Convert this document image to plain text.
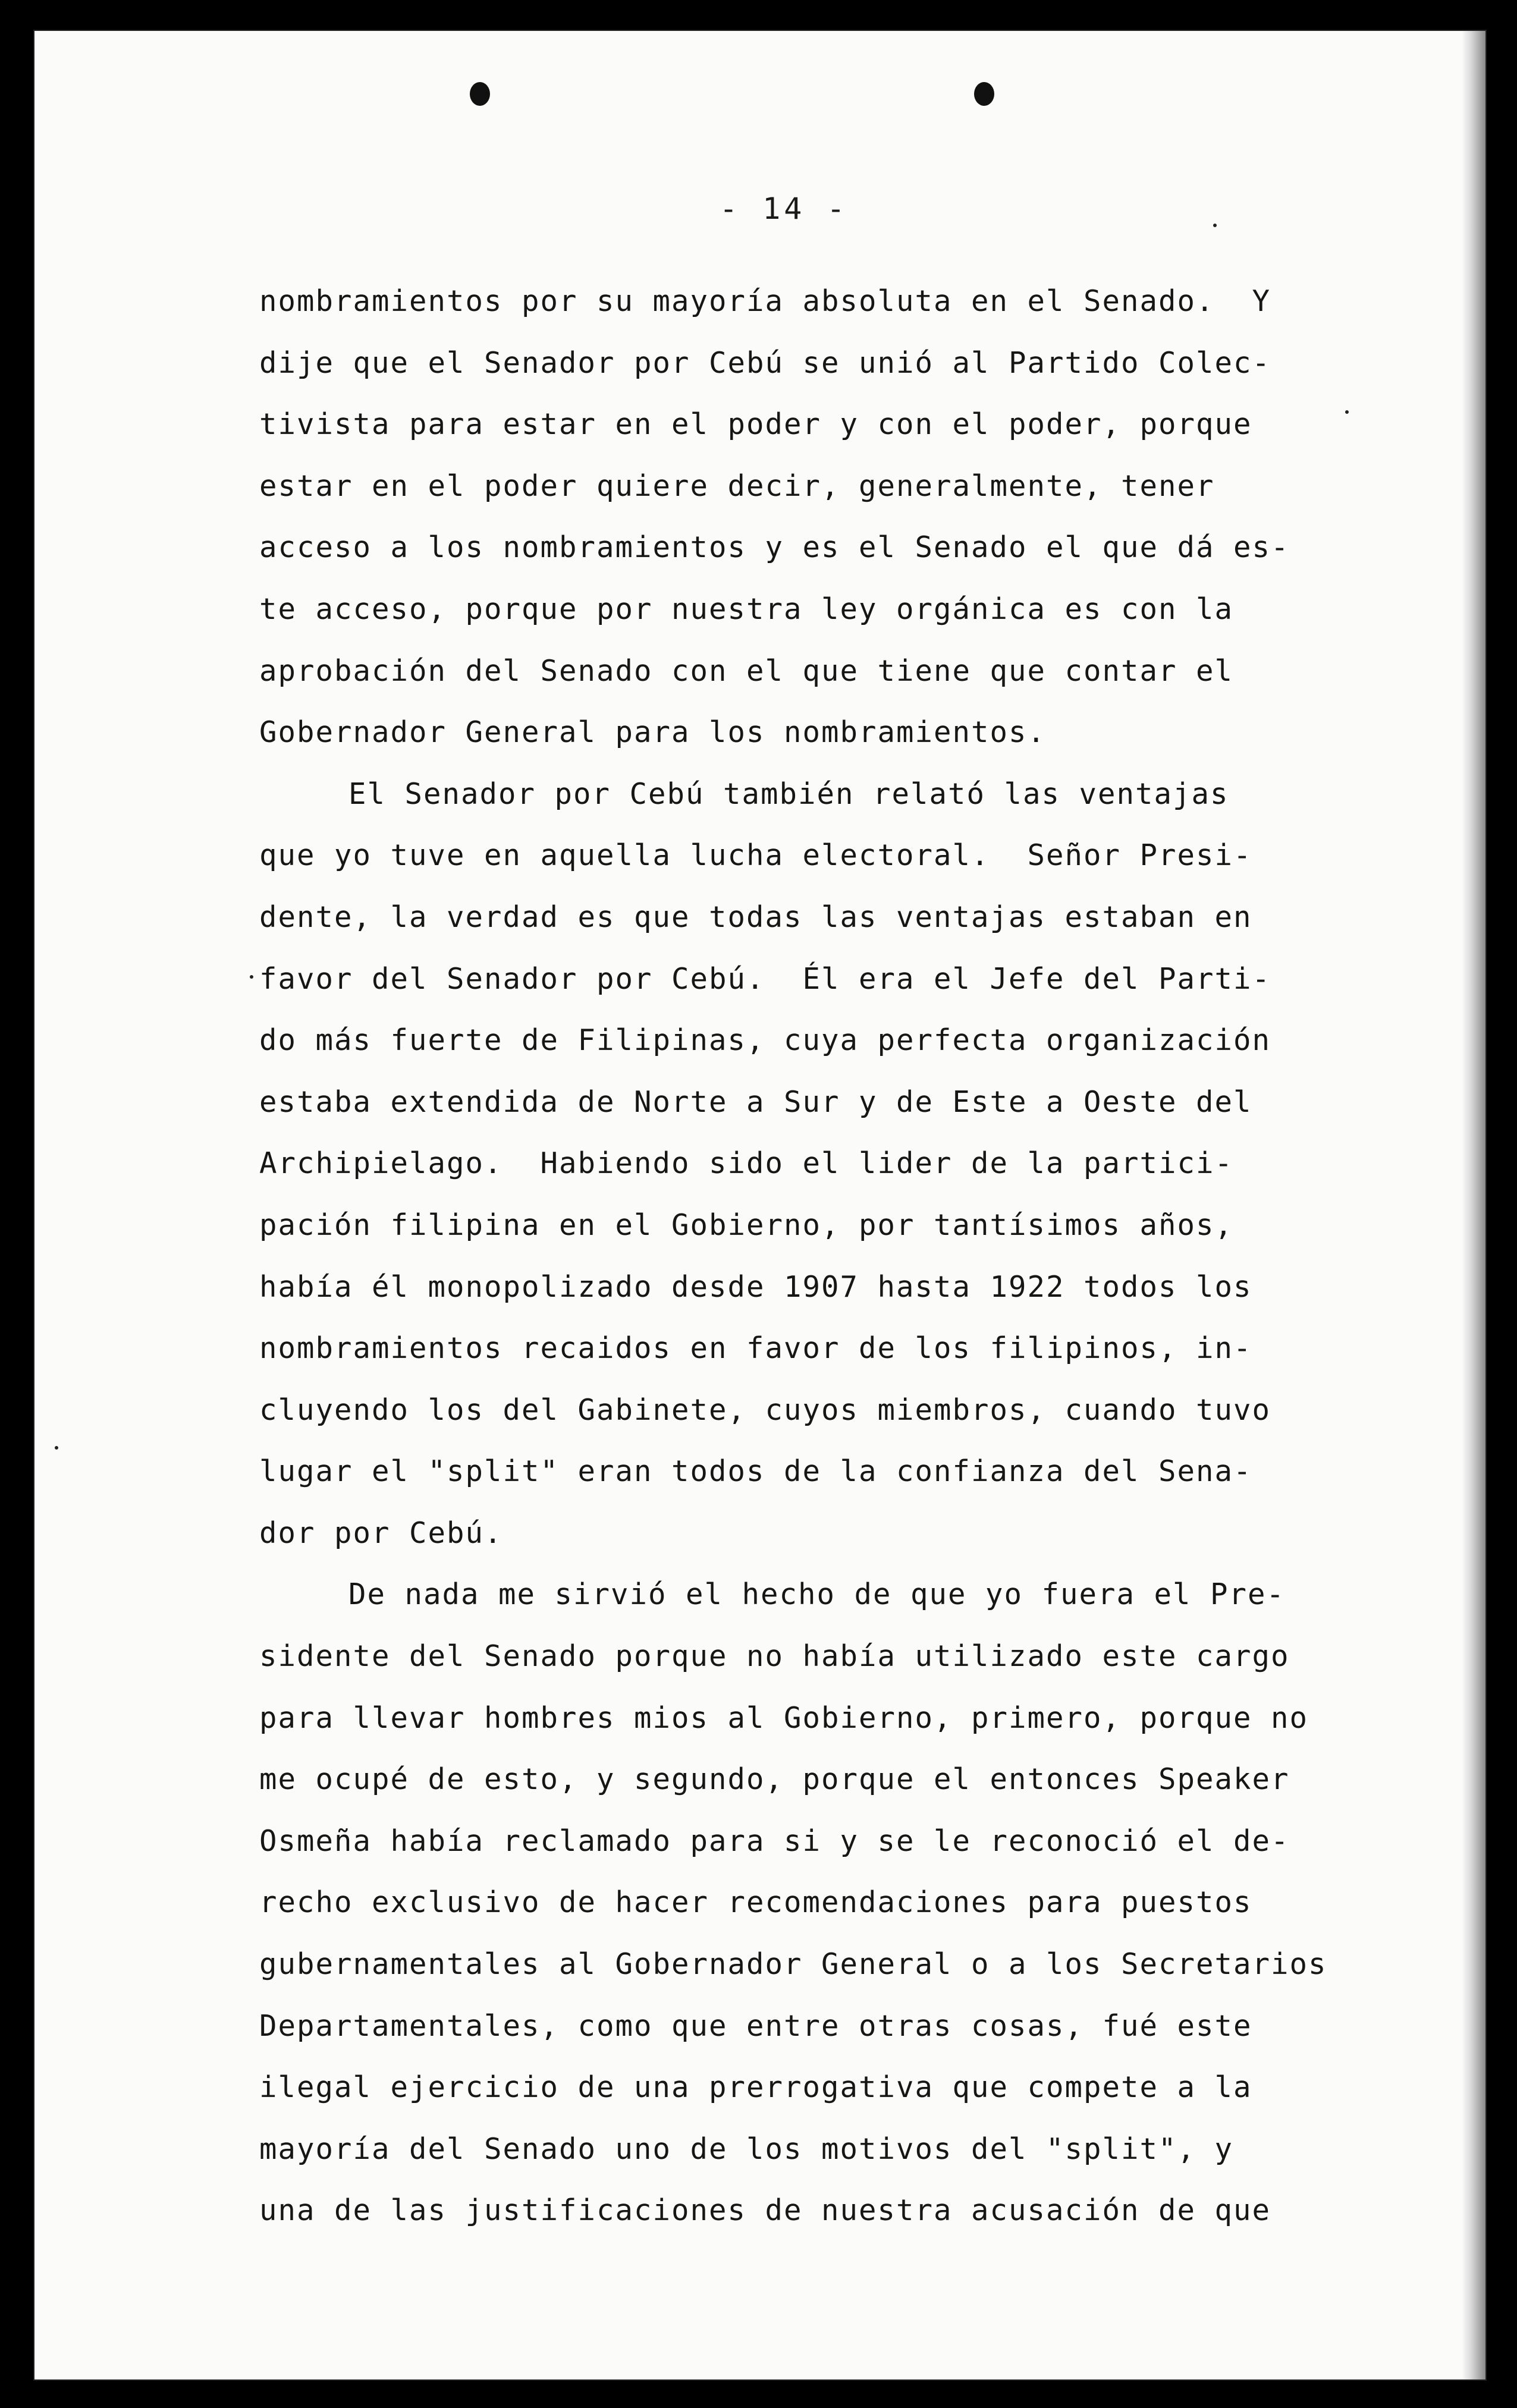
- 14 -
nombramientos por su mayoría absoluta en el Senado.  Y
dije que el Senador por Cebú se unió al Partido Colec-
tivista para estar en el poder y con el poder, porque
estar en el poder quiere decir, generalmente, tener
acceso a los nombramientos y es el Senado el que dá es-
te acceso, porque por nuestra ley orgánica es con la
aprobación del Senado con el que tiene que contar el
Gobernador General para los nombramientos.
El Senador por Cebú también relató las ventajas
que yo tuve en aquella lucha electoral.  Señor Presi-
dente, la verdad es que todas las ventajas estaban en
favor del Senador por Cebú.  Él era el Jefe del Parti-
do más fuerte de Filipinas, cuya perfecta organización
estaba extendida de Norte a Sur y de Este a Oeste del
Archipielago.  Habiendo sido el lider de la partici-
pación filipina en el Gobierno, por tantísimos años,
había él monopolizado desde 1907 hasta 1922 todos los
nombramientos recaidos en favor de los filipinos, in-
cluyendo los del Gabinete, cuyos miembros, cuando tuvo
lugar el "split" eran todos de la confianza del Sena-
dor por Cebú.
De nada me sirvió el hecho de que yo fuera el Pre-
sidente del Senado porque no había utilizado este cargo
para llevar hombres mios al Gobierno, primero, porque no
me ocupé de esto, y segundo, porque el entonces Speaker
Osmeña había reclamado para si y se le reconoció el de-
recho exclusivo de hacer recomendaciones para puestos
gubernamentales al Gobernador General o a los Secretarios
Departamentales, como que entre otras cosas, fué este
ilegal ejercicio de una prerrogativa que compete a la
mayoría del Senado uno de los motivos del "split", y
una de las justificaciones de nuestra acusación de que
